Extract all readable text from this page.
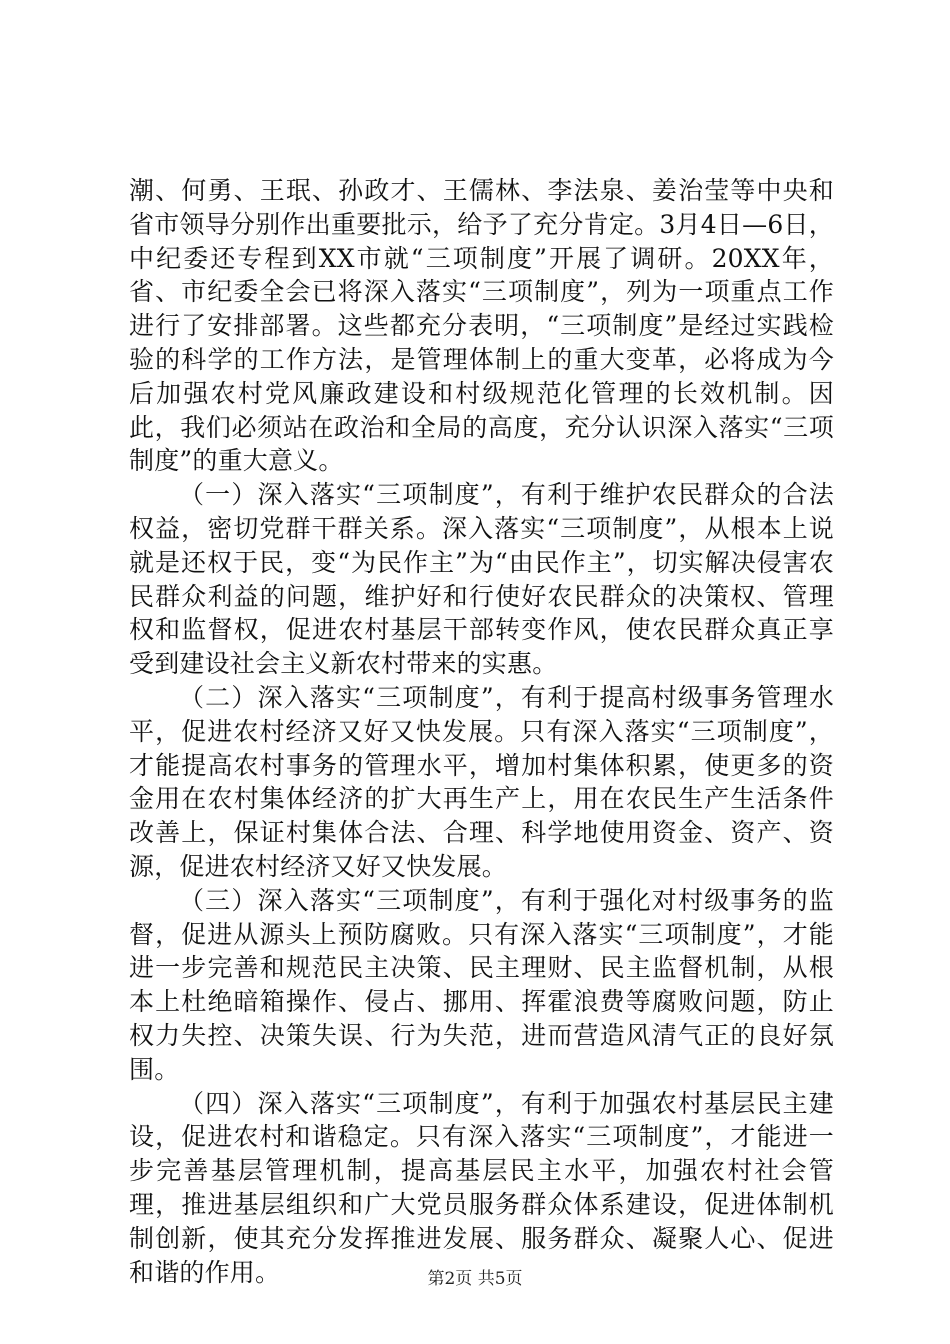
潮、何勇、王珉、孙政才、王儒林、李法泉、姜治莹等中央和省市领导分别作出重要批示，给予了充分肯定。3月4日—6日，中纪委还专程到XX市就“三项制度”开展了调研。20XX年，省、市纪委全会已将深入落实“三项制度”，列为一项重点工作进行了安排部署。这些都充分表明，“三项制度”是经过实践检验的科学的工作方法，是管理体制上的重大变革，必将成为今后加强农村党风廉政建设和村级规范化管理的长效机制。因此，我们必须站在政治和全局的高度，充分认识深入落实“三项制度”的重大意义。

（一）深入落实“三项制度”，有利于维护农民群众的合法权益，密切党群干群关系。深入落实“三项制度”，从根本上说就是还权于民，变“为民作主”为“由民作主”，切实解决侵害农民群众利益的问题，维护好和行使好农民群众的决策权、管理权和监督权，促进农村基层干部转变作风，使农民群众真正享受到建设社会主义新农村带来的实惠。

（二）深入落实“三项制度”，有利于提高村级事务管理水平，促进农村经济又好又快发展。只有深入落实“三项制度”，才能提高农村事务的管理水平，增加村集体积累，使更多的资金用在农村集体经济的扩大再生产上，用在农民生产生活条件改善上，保证村集体合法、合理、科学地使用资金、资产、资源，促进农村经济又好又快发展。

（三）深入落实“三项制度”，有利于强化对村级事务的监督，促进从源头上预防腐败。只有深入落实“三项制度”，才能进一步完善和规范民主决策、民主理财、民主监督机制，从根本上杜绝暗箱操作、侵占、挪用、挥霍浪费等腐败问题，防止权力失控、决策失误、行为失范，进而营造风清气正的良好氛围。

（四）深入落实“三项制度”，有利于加强农村基层民主建设，促进农村和谐稳定。只有深入落实“三项制度”，才能进一步完善基层管理机制，提高基层民主水平，加强农村社会管理，推进基层组织和广大党员服务群众体系建设，促进体制机制创新，使其充分发挥推进发展、服务群众、凝聚人心、促进和谐的作用。	第2页 共5页
